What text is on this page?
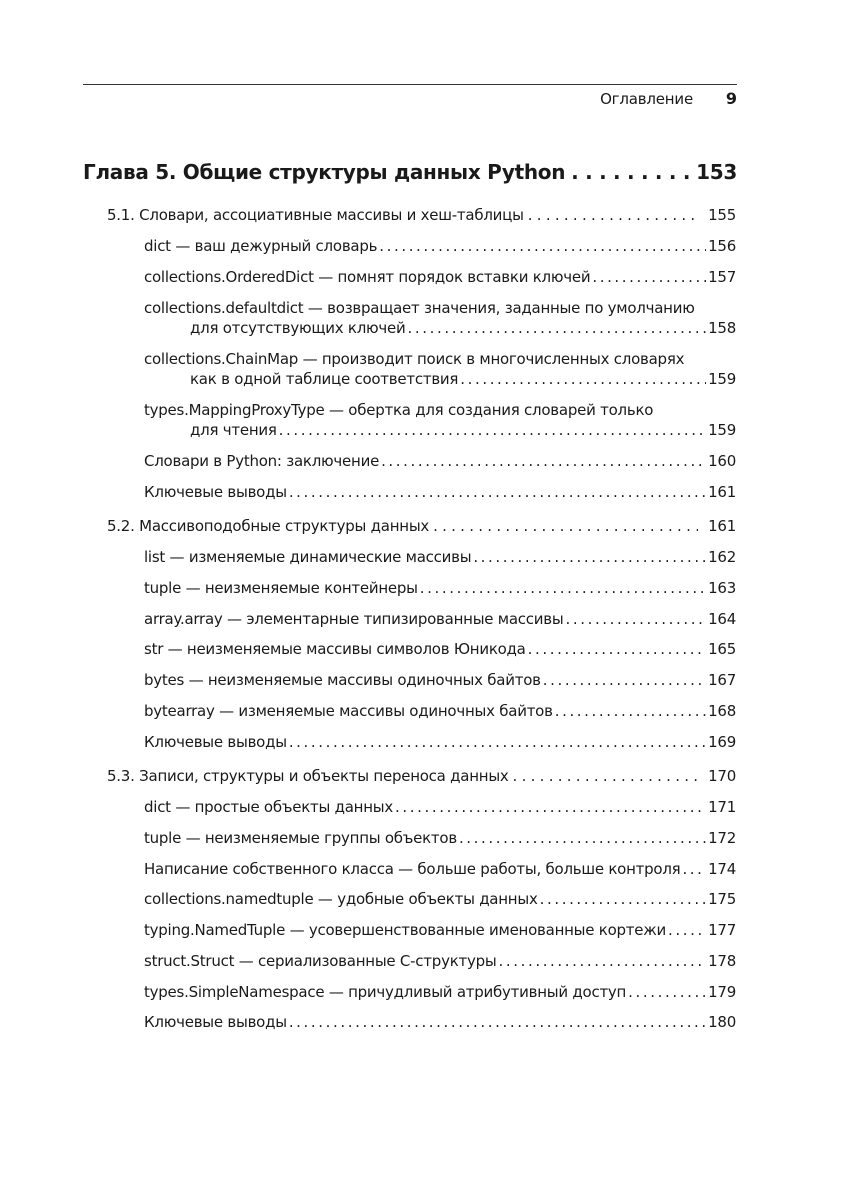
Оглавление 9
Глава 5. Общие структуры данных Python . . .	153
5.1. Словари, ассоциативные массивы и хеш-таблицы . . .	155
dict — ваш дежурный словарь .....	156
collections.OrderedDict — помнят порядок вставки ключей .....	157
collections.defaultdict — возвращает значения, заданные по умолчанию
для отсутствующих ключей .....	158
collections.ChainMap — производит поиск в многочисленных словарях
как в одной таблице соответствия .....	159
types.MappingProxyType — обертка для создания словарей только
для чтения .....	159
Словари в Python: заключение .....	160
Ключевые выводы .....	161
5.2. Массивоподобные структуры данных . . .	161
list — изменяемые динамические массивы .....	162
tuple — неизменяемые контейнеры .....	163
array.array — элементарные типизированные массивы .....	164
str — неизменяемые массивы символов Юникода .....	165
bytes — неизменяемые массивы одиночных байтов .....	167
bytearray — изменяемые массивы одиночных байтов .....	168
Ключевые выводы .....	169
5.3. Записи, структуры и объекты переноса данных . . .	170
dict — простые объекты данных .....	171
tuple — неизменяемые группы объектов .....	172
Написание собственного класса — больше работы, больше контроля ..... 174
collections.namedtuple — удобные объекты данных .....	175
typing.NamedTuple — усовершенствованные именованные кортежи .....	177
struct.Struct — сериализованные C-структуры .....	178
types.SimpleNamespace — причудливый атрибутивный доступ .....	179
Ключевые выводы .....	180
